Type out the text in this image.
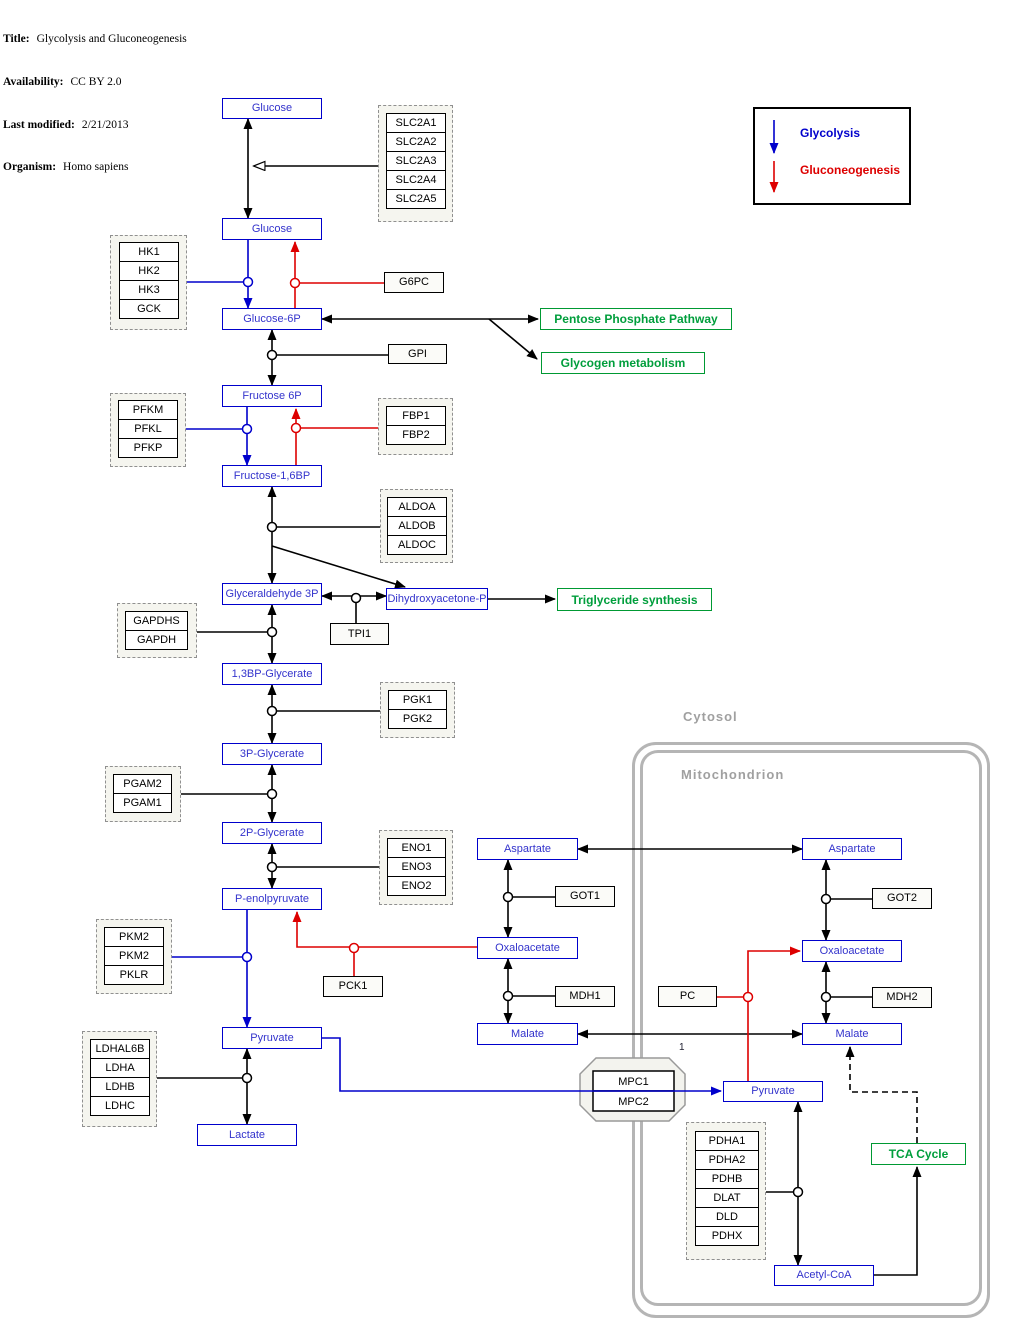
Title: Glycolysis and Gluconeogenesis

Availability: CC BY 2.0

Last modified: 2/21/2013

Organism: Homo sapiens

Glycolysis
Gluconeogenesis
Cytosol
Mitochondrion
MPC1
MPC2
Glucose
Glucose
Glucose-6P
Fructose 6P
Fructose-1,6BP
Glyceraldehyde 3P	Dihydroxyacetone-P
1,3BP-Glycerate
3P-Glycerate
2P-Glycerate
P-enolpyruvate
Pyruvate
Lactate
Aspartate
Oxaloacetate
Malate
Aspartate
Oxaloacetate
Malate
Pyruvate
Acetyl-CoA
G6PC
GPI
TPI1
PCK1
GOT1
MDH1	PC
GOT2
MDH2
Pentose Phosphate Pathway
Glycogen metabolism
Triglyceride synthesis
TCA Cycle
SLC2A1
SLC2A2
SLC2A3
SLC2A4
SLC2A5
HK1
HK2
HK3
GCK
PFKM
PFKL
PFKP
FBP1
FBP2
ALDOA
ALDOB
ALDOC
GAPDHS
GAPDH
PGK1
PGK2
PGAM2
PGAM1
ENO1
ENO3
ENO2
PKM2
PKM2
PKLR
LDHAL6B
LDHA
LDHB
LDHC
PDHA1
PDHA2
PDHB
DLAT
DLD
PDHX
1
